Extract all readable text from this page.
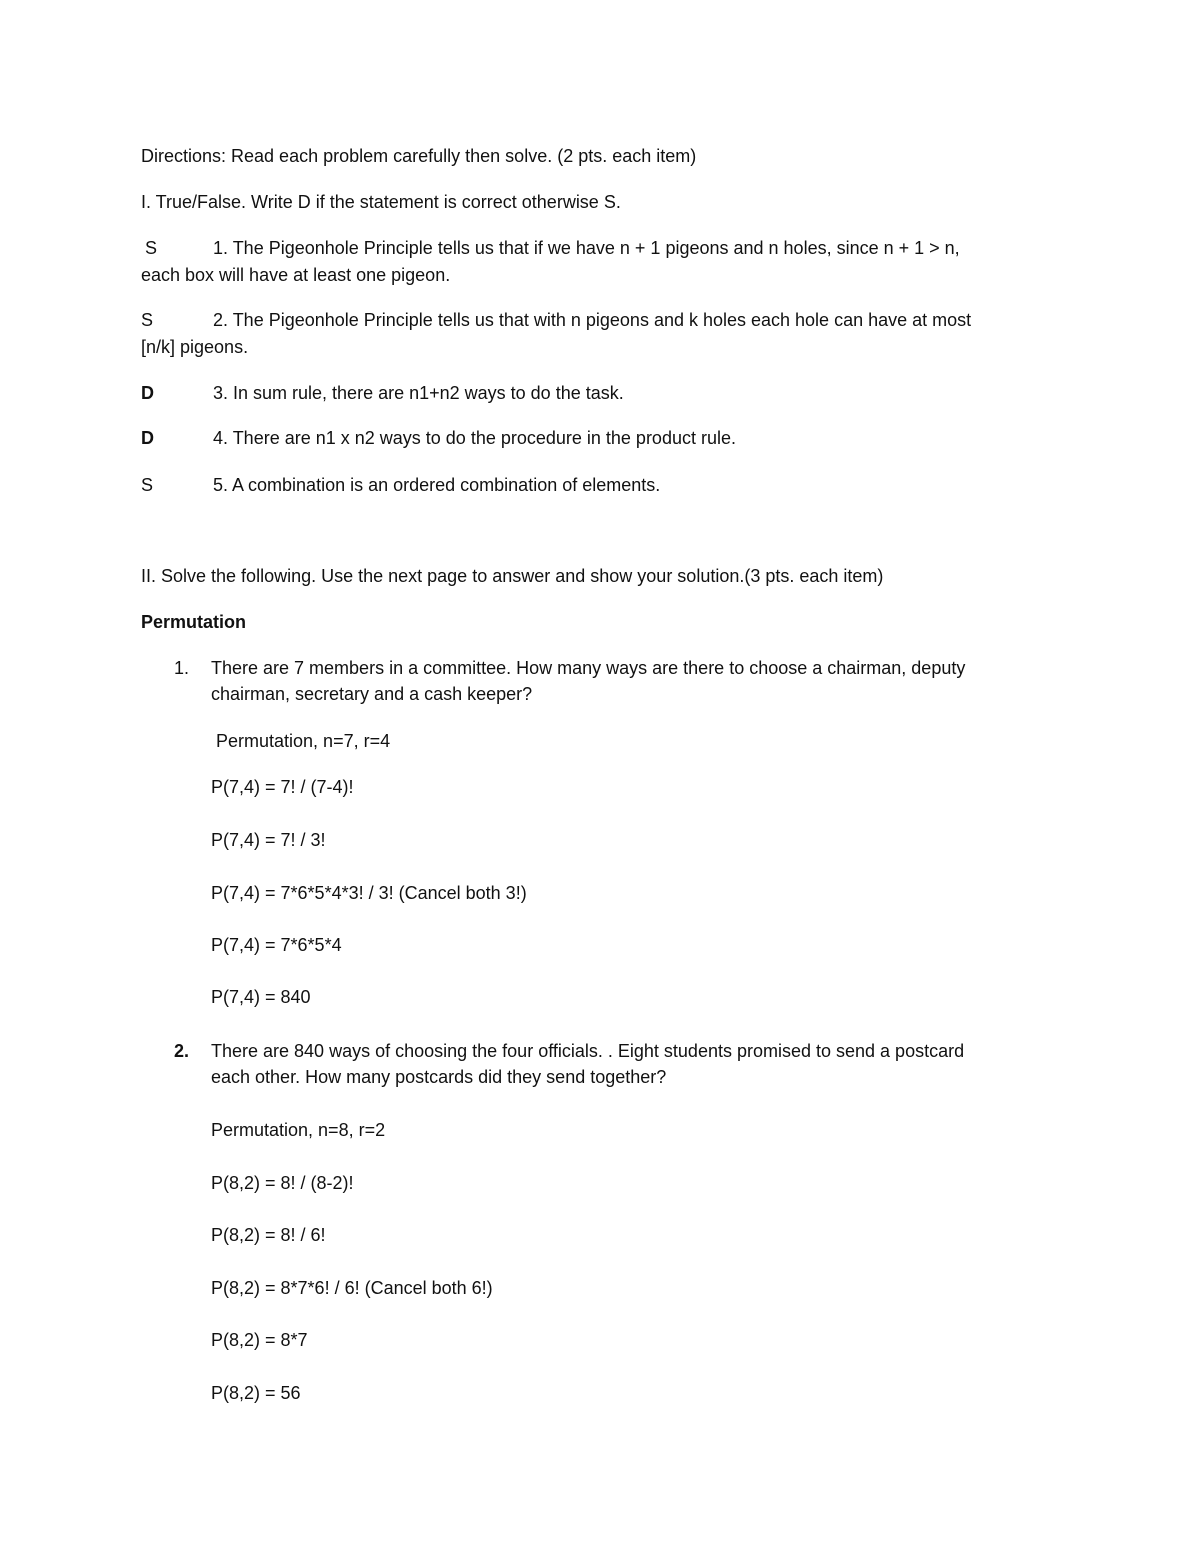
Directions: Read each problem carefully then solve. (2 pts. each item)
I. True/False. Write D if the statement is correct otherwise S.
S	1. The Pigeonhole Principle tells us that if we have n + 1 pigeons and n holes, since n + 1 > n,
each box will have at least one pigeon.
S	2. The Pigeonhole Principle tells us that with n pigeons and k holes each hole can have at most
[n/k] pigeons.
D	3. In sum rule, there are n1+n2 ways to do the task.
D	4. There are n1 x n2 ways to do the procedure in the product rule.
S	5. A combination is an ordered combination of elements.
II. Solve the following. Use the next page to answer and show your solution.(3 pts. each item)
Permutation
1. There are 7 members in a committee. How many ways are there to choose a chairman, deputy
chairman, secretary and a cash keeper?
Permutation, n=7, r=4
P(7,4) = 7! / (7-4)!
P(7,4) = 7! / 3!
P(7,4) = 7*6*5*4*3! / 3! (Cancel both 3!)
P(7,4) = 7*6*5*4
P(7,4) = 840
2. There are 840 ways of choosing the four officials. . Eight students promised to send a postcard
each other. How many postcards did they send together?
Permutation, n=8, r=2
P(8,2) = 8! / (8-2)!
P(8,2) = 8! / 6!
P(8,2) = 8*7*6! / 6! (Cancel both 6!)
P(8,2) = 8*7
P(8,2) = 56
